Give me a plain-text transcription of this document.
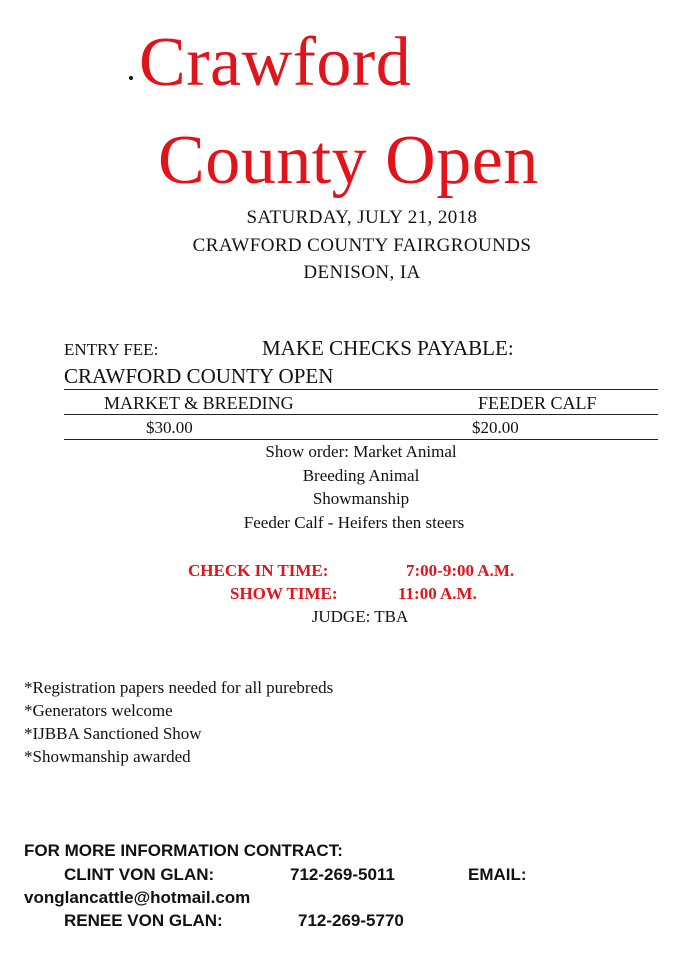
Crawford
County Open
SATURDAY, JULY 21, 2018
CRAWFORD COUNTY FAIRGROUNDS
DENISON, IA
ENTRY FEE:	MAKE CHECKS PAYABLE:
CRAWFORD COUNTY OPEN
MARKET & BREEDING	FEEDER CALF
$30.00	$20.00
Show order: Market Animal
Breeding Animal
Showmanship
Feeder Calf - Heifers then steers
CHECK IN TIME:	7:00-9:00 A.M.
SHOW TIME:	11:00 A.M.
JUDGE: TBA
*Registration papers needed for all purebreds
*Generators welcome
*IJBBA Sanctioned Show
*Showmanship awarded
FOR MORE INFORMATION CONTRACT:
CLINT VON GLAN:	712-269-5011	EMAIL:
vonglancattle@hotmail.com
RENEE VON GLAN:	712-269-5770
